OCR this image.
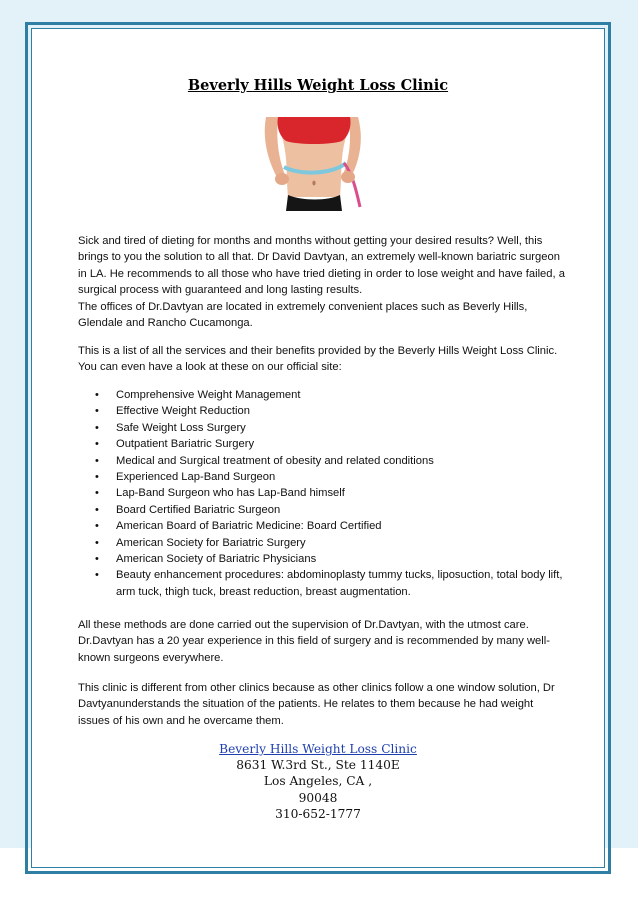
Beverly Hills Weight Loss Clinic

Sick and tired of dieting for months and months without getting your desired results? Well, this brings to you the solution to all that. Dr David Davtyan, an extremely well-known bariatric surgeon in LA. He recommends to all those who have tried dieting in order to lose weight and have failed, a surgical process with guaranteed and long lasting results.

The offices of Dr.Davtyan are located in extremely convenient places such as Beverly Hills, Glendale and Rancho Cucamonga.

This is a list of all the services and their benefits provided by the Beverly Hills Weight Loss Clinic. You can even have a look at these on our official site:
• Comprehensive Weight Management
• Effective Weight Reduction
• Safe Weight Loss Surgery
• Outpatient Bariatric Surgery
• Medical and Surgical treatment of obesity and related conditions
• Experienced Lap-Band Surgeon
• Lap-Band Surgeon who has Lap-Band himself
• Board Certified Bariatric Surgeon
• American Board of Bariatric Medicine: Board Certified
• American Society for Bariatric Surgery
• American Society of Bariatric Physicians
• Beauty enhancement procedures: abdominoplasty tummy tucks, liposuction, total body lift, arm tuck, thigh tuck, breast reduction, breast augmentation.
All these methods are done carried out the supervision of Dr.Davtyan, with the utmost care. Dr.Davtyan has a 20 year experience in this field of surgery and is recommended by many well-known surgeons everywhere.
This clinic is different from other clinics because as other clinics follow a one window solution, Dr Davtyanunderstands the situation of the patients. He relates to them because he had weight issues of his own and he overcame them.
Beverly Hills Weight Loss Clinic
8631 W.3rd St., Ste 1140E
Los Angeles, CA ,
90048
310-652-1777
